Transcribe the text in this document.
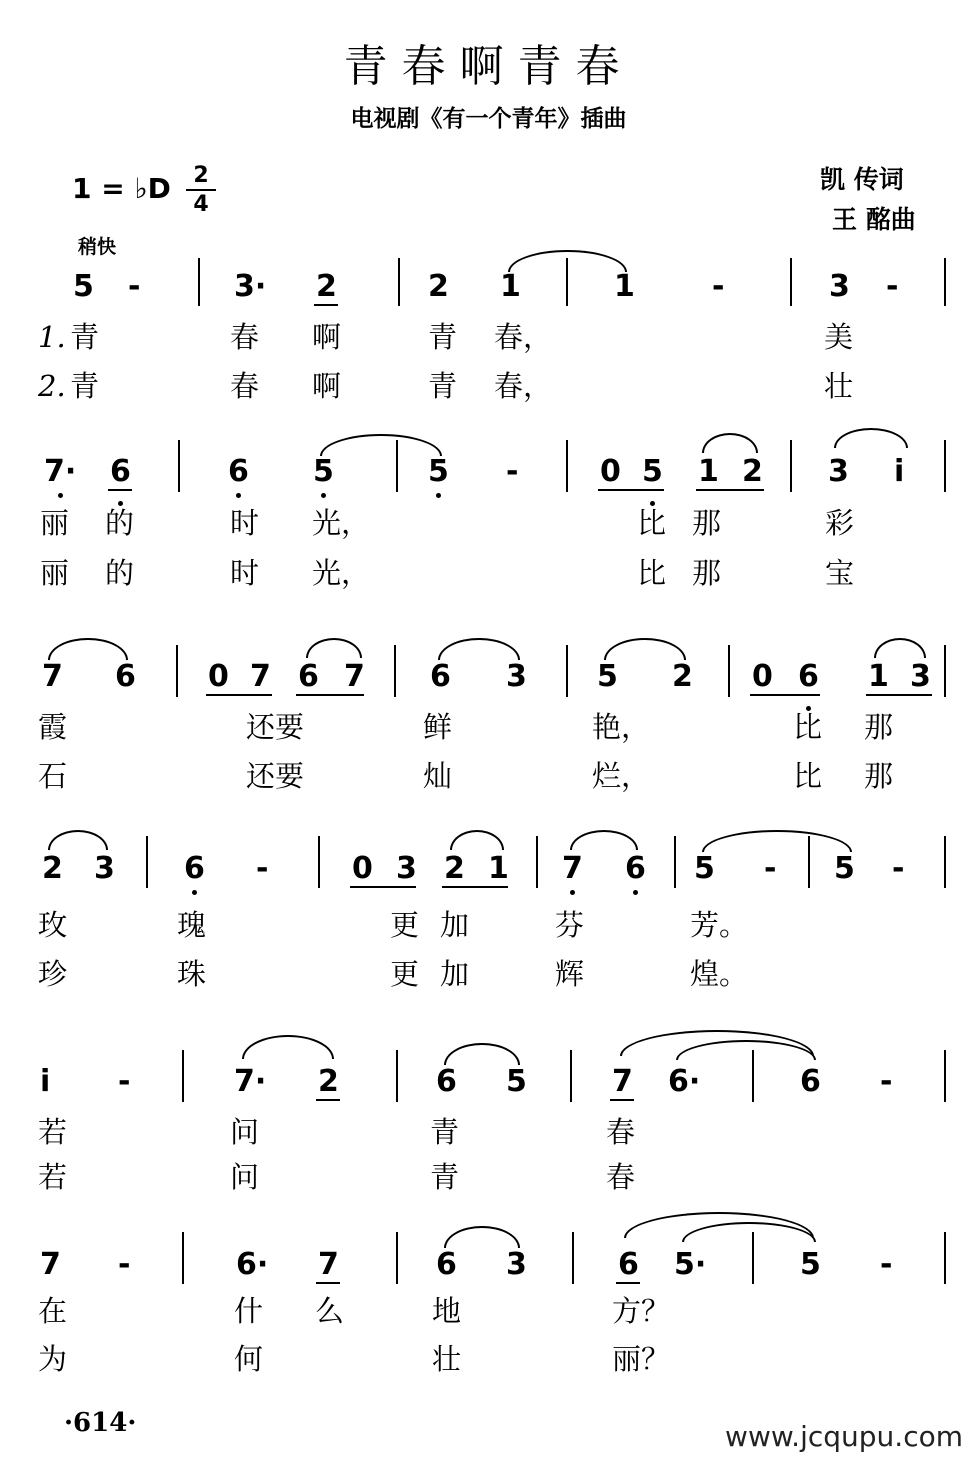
青春啊青春
电视剧《有一个青年》插曲
凯 传词
王 酩曲
1 = ♭D $\frac{2}{4}$
稍快
5 -	3· 2	2 1	1	-	3 -
1. 青	春 啊	青 春，	美
2. 青	春 啊	青 春，	壮
7· 6	6 5	5 -	0 5 1 2 3 i
丽 的	时 光，	比 那	彩
丽 的	时 光，	比 那	宝
7 6 0 7 6 7 6 3 5 2 0 6 1 3
霞	还要	鲜	艳，	比 那
石	还要	灿	烂，	比 那
2 3 6 -	0 3 2 1 7 6 5 - 5 -
玫	瑰	更 加	芬	芳。
珍	珠	更 加	辉	煌。
i -	7· 2	6 5	7 6·	6 -
若	问	青	春
若	问	青	春
7 -	6· 7	6 3	6 5·	5 -
在	什 么	地	方？
为	何	壮	丽？
·614·	www.jcqupu.com
